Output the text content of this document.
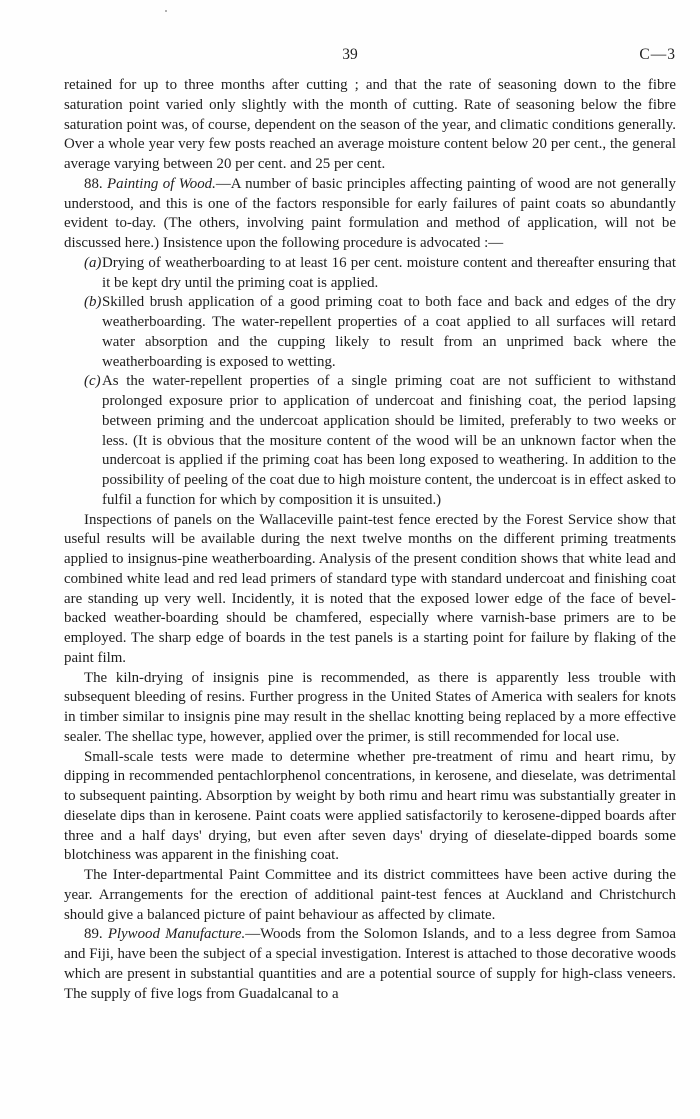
39	C—3

retained for up to three months after cutting ; and that the rate of seasoning down to the fibre saturation point varied only slightly with the month of cutting. Rate of seasoning below the fibre saturation point was, of course, dependent on the season of the year, and climatic conditions generally. Over a whole year very few posts reached an average moisture content below 20 per cent., the general average varying between 20 per cent. and 25 per cent.

88. Painting of Wood.—A number of basic principles affecting painting of wood are not generally understood, and this is one of the factors responsible for early failures of paint coats so abundantly evident to-day. (The others, involving paint formulation and method of application, will not be discussed here.) Insistence upon the following procedure is advocated :—

(a) Drying of weatherboarding to at least 16 per cent. moisture content and thereafter ensuring that it be kept dry until the priming coat is applied.
(b) Skilled brush application of a good priming coat to both face and back and edges of the dry weatherboarding. The water-repellent properties of a coat applied to all surfaces will retard water absorption and the cupping likely to result from an unprimed back where the weatherboarding is exposed to wetting.
(c) As the water-repellent properties of a single priming coat are not sufficient to withstand prolonged exposure prior to application of undercoat and finishing coat, the period lapsing between priming and the undercoat application should be limited, preferably to two weeks or less. (It is obvious that the mositure content of the wood will be an unknown factor when the undercoat is applied if the priming coat has been long exposed to weathering. In addition to the possibility of peeling of the coat due to high moisture content, the undercoat is in effect asked to fulfil a function for which by composition it is unsuited.)

Inspections of panels on the Wallaceville paint-test fence erected by the Forest Service show that useful results will be available during the next twelve months on the different priming treatments applied to insignus-pine weatherboarding. Analysis of the present condition shows that white lead and combined white lead and red lead primers of standard type with standard undercoat and finishing coat are standing up very well. Incidently, it is noted that the exposed lower edge of the face of bevel-backed weather-boarding should be chamfered, especially where varnish-base primers are to be employed. The sharp edge of boards in the test panels is a starting point for failure by flaking of the paint film.

The kiln-drying of insignis pine is recommended, as there is apparently less trouble with subsequent bleeding of resins. Further progress in the United States of America with sealers for knots in timber similar to insignis pine may result in the shellac knotting being replaced by a more effective sealer. The shellac type, however, applied over the primer, is still recommended for local use.

Small-scale tests were made to determine whether pre-treatment of rimu and heart rimu, by dipping in recommended pentachlorphenol concentrations, in kerosene, and dieselate, was detrimental to subsequent painting. Absorption by weight by both rimu and heart rimu was substantially greater in dieselate dips than in kerosene. Paint coats were applied satisfactorily to kerosene-dipped boards after three and a half days' drying, but even after seven days' drying of dieselate-dipped boards some blotchiness was apparent in the finishing coat.

The Inter-departmental Paint Committee and its district committees have been active during the year. Arrangements for the erection of additional paint-test fences at Auckland and Christchurch should give a balanced picture of paint behaviour as affected by climate.

89. Plywood Manufacture.—Woods from the Solomon Islands, and to a less degree from Samoa and Fiji, have been the subject of a special investigation. Interest is attached to those decorative woods which are present in substantial quantities and are a potential source of supply for high-class veneers. The supply of five logs from Guadalcanal to a
